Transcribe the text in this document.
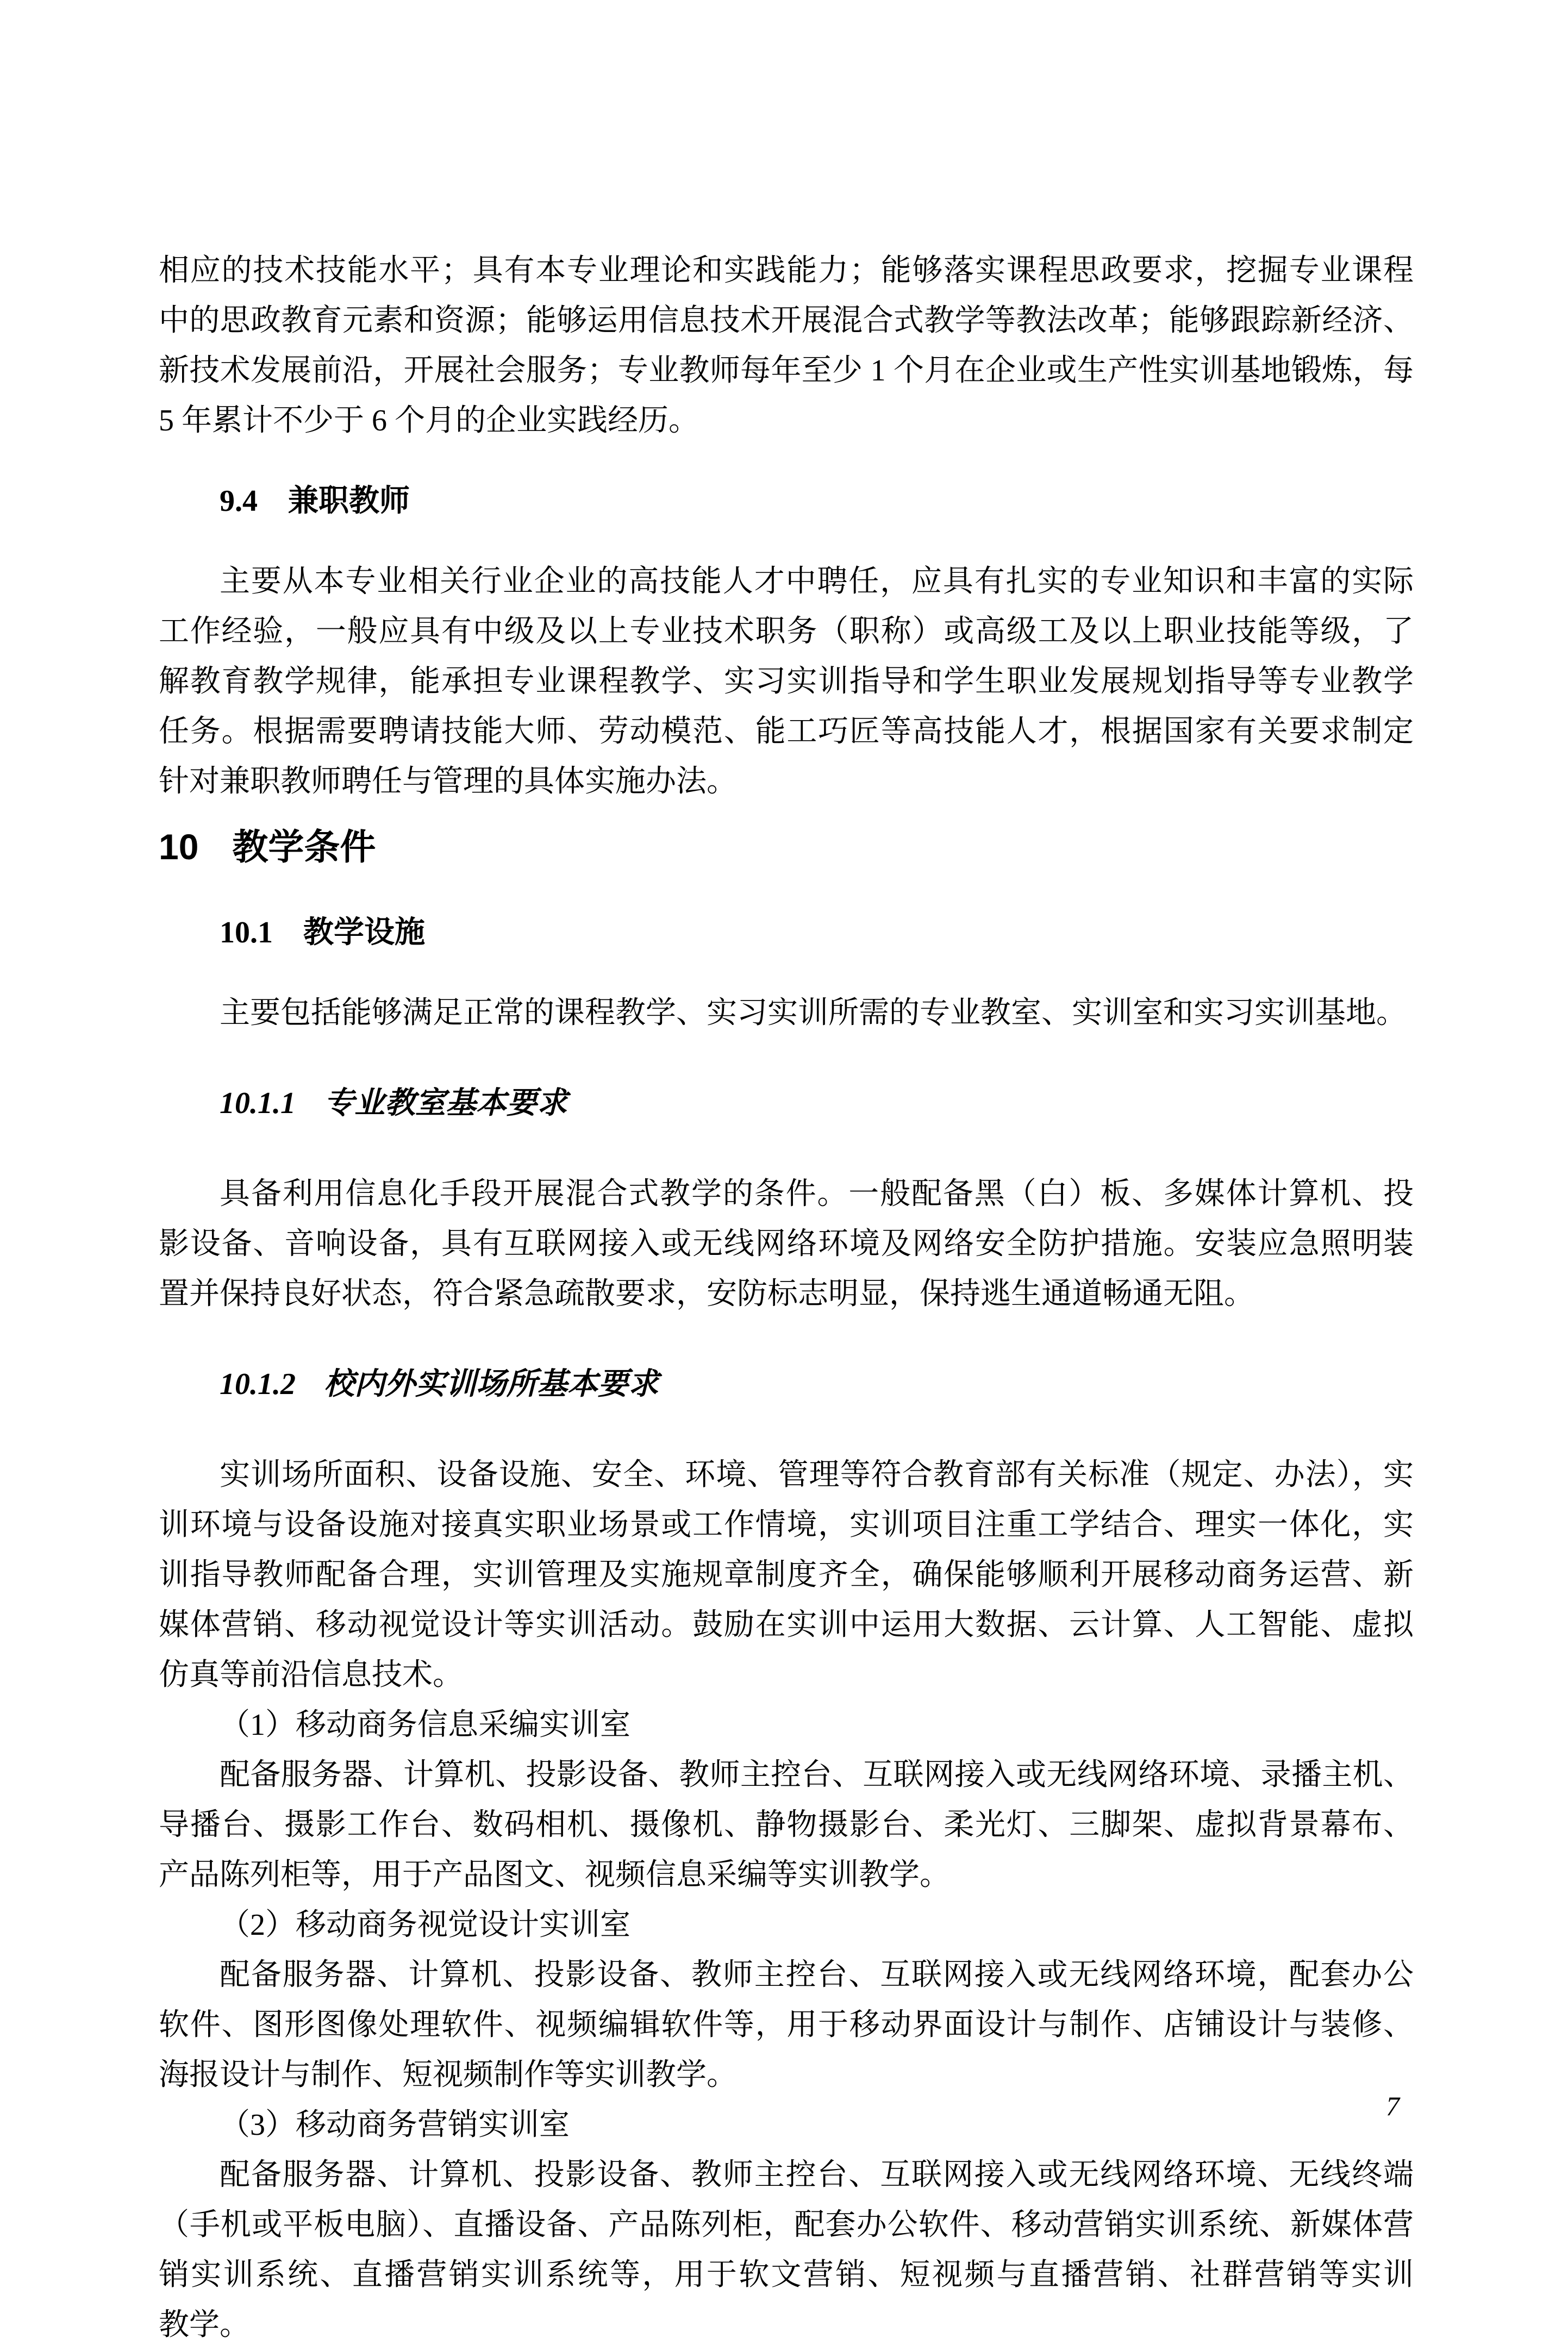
相应的技术技能水平；具有本专业理论和实践能力；能够落实课程思政要求，挖掘专业课程
中的思政教育元素和资源；能够运用信息技术开展混合式教学等教法改革；能够跟踪新经济、
新技术发展前沿，开展社会服务；专业教师每年至少 1 个月在企业或生产性实训基地锻炼，每
5 年累计不少于 6 个月的企业实践经历。

9.4 兼职教师

主要从本专业相关行业企业的高技能人才中聘任，应具有扎实的专业知识和丰富的实际
工作经验，一般应具有中级及以上专业技术职务（职称）或高级工及以上职业技能等级，了
解教育教学规律，能承担专业课程教学、实习实训指导和学生职业发展规划指导等专业教学
任务。根据需要聘请技能大师、劳动模范、能工巧匠等高技能人才，根据国家有关要求制定
针对兼职教师聘任与管理的具体实施办法。

10 教学条件
10.1 教学设施

主要包括能够满足正常的课程教学、实习实训所需的专业教室、实训室和实习实训基地。

10.1.1 专业教室基本要求

具备利用信息化手段开展混合式教学的条件。一般配备黑（白）板、多媒体计算机、投
影设备、音响设备，具有互联网接入或无线网络环境及网络安全防护措施。安装应急照明装
置并保持良好状态，符合紧急疏散要求，安防标志明显，保持逃生通道畅通无阻。

10.1.2 校内外实训场所基本要求

实训场所面积、设备设施、安全、环境、管理等符合教育部有关标准（规定、办法），实
训环境与设备设施对接真实职业场景或工作情境，实训项目注重工学结合、理实一体化，实
训指导教师配备合理，实训管理及实施规章制度齐全，确保能够顺利开展移动商务运营、新
媒体营销、移动视觉设计等实训活动。鼓励在实训中运用大数据、云计算、人工智能、虚拟
仿真等前沿信息技术。

（1）移动商务信息采编实训室

配备服务器、计算机、投影设备、教师主控台、互联网接入或无线网络环境、录播主机、
导播台、摄影工作台、数码相机、摄像机、静物摄影台、柔光灯、三脚架、虚拟背景幕布、
产品陈列柜等，用于产品图文、视频信息采编等实训教学。

（2）移动商务视觉设计实训室

配备服务器、计算机、投影设备、教师主控台、互联网接入或无线网络环境，配套办公
软件、图形图像处理软件、视频编辑软件等，用于移动界面设计与制作、店铺设计与装修、
海报设计与制作、短视频制作等实训教学。

（3）移动商务营销实训室

配备服务器、计算机、投影设备、教师主控台、互联网接入或无线网络环境、无线终端
（手机或平板电脑）、直播设备、产品陈列柜，配套办公软件、移动营销实训系统、新媒体营
销实训系统、直播营销实训系统等，用于软文营销、短视频与直播营销、社群营销等实训
教学。

7
